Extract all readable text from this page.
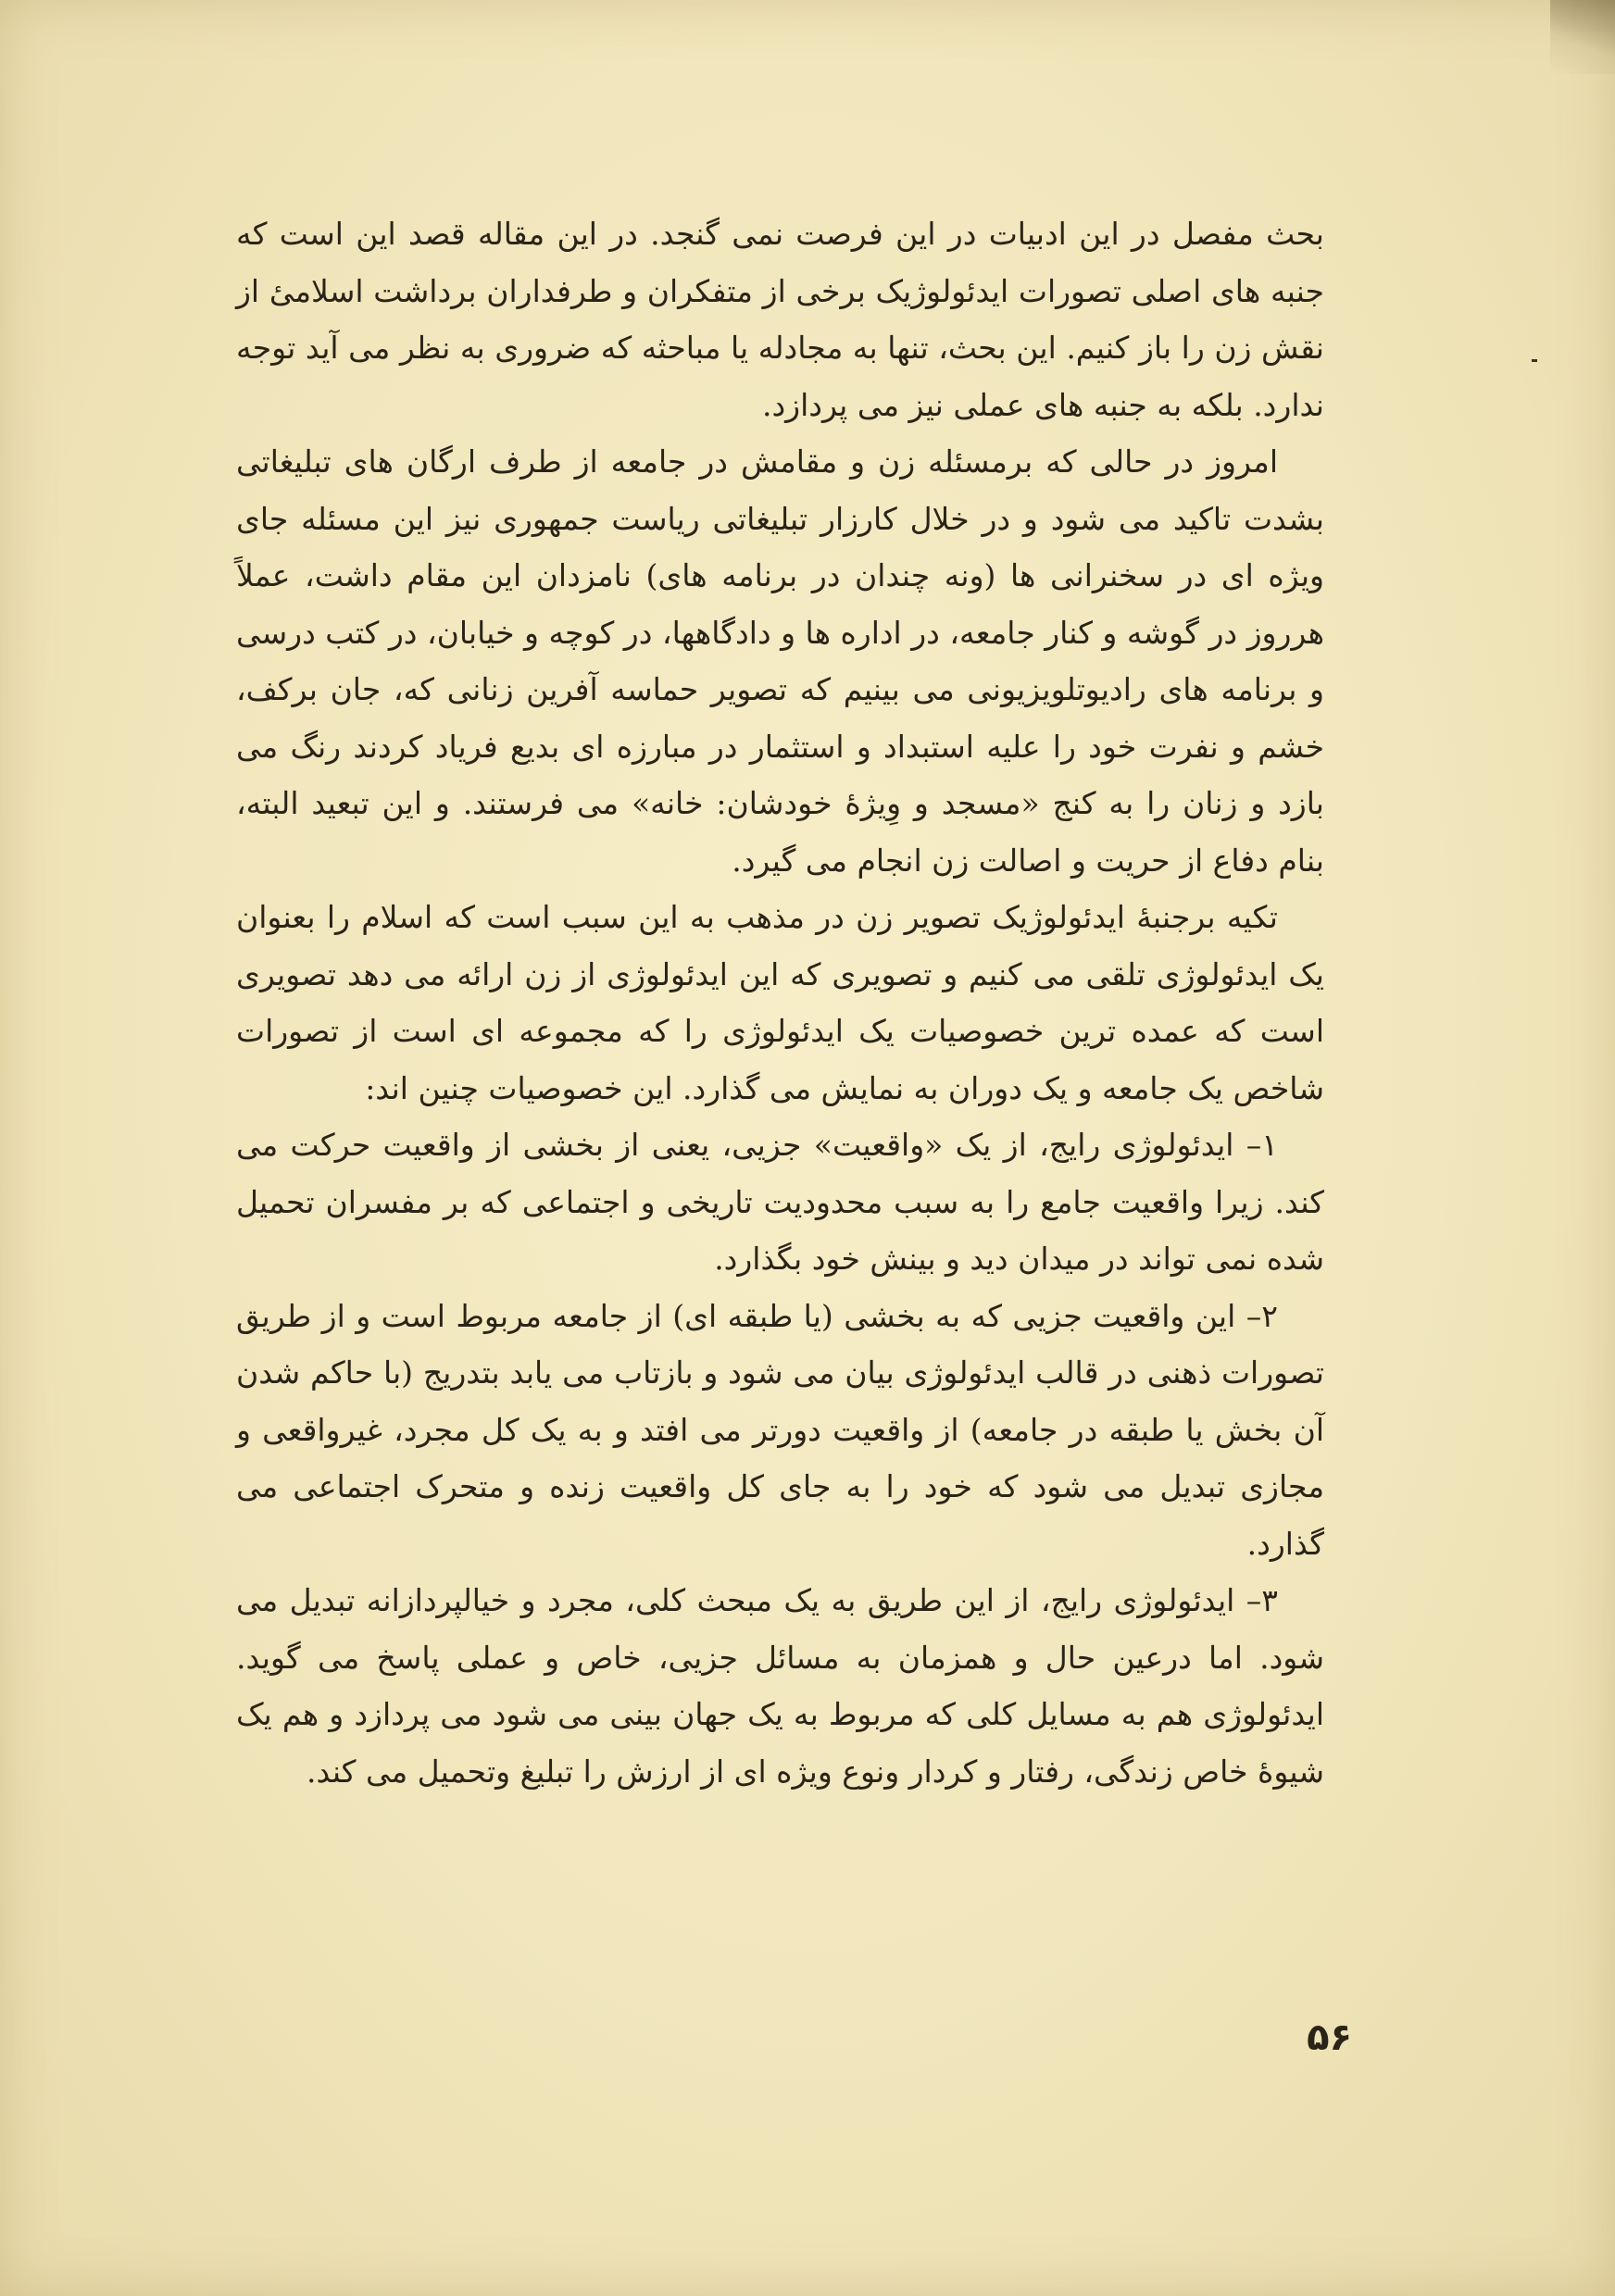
بحث مفصل در این ادبیات در این فرصت نمی گنجد. در این مقاله قصد این است که جنبه های اصلی تصورات ایدئولوژیک برخی از متفکران و طرفداران برداشت اسلامیٔ از نقش زن را باز کنیم. این بحث، تنها به مجادله یا مباحثه که ضروری به نظر می آید توجه ندارد. بلکه به جنبه های عملی نیز می پردازد.

امروز در حالی که برمسئله زن و مقامش در جامعه از طرف ارگان های تبلیغاتی بشدت تاکید می شود و در خلال کارزار تبلیغاتی ریاست جمهوری نیز این مسئله جای ویژه ای در سخنرانی ها (ونه چندان در برنامه های) نامزدان این مقام داشت، عملاً هرروز در گوشه و کنار جامعه، در اداره ها و دادگاهها، در کوچه و خیابان، در کتب درسی و برنامه های رادیوتلویزیونی می بینیم که تصویر حماسه آفرین زنانی که، جان برکف، خشم و نفرت خود را علیه استبداد و استثمار در مبارزه ای بدیع فریاد کردند رنگ می بازد و زنان را به کنج «مسجد و وِیژهٔ خودشان: خانه» می فرستند. و این تبعید البته، بنام دفاع از حریت و اصالت زن انجام می گیرد.

تکیه برجنبهٔ ایدئولوژیک تصویر زن در مذهب به این سبب است که اسلام را بعنوان یک ایدئولوژی تلقی می کنیم و تصویری که این ایدئولوژی از زن ارائه می دهد تصویری است که عمده ترین خصوصیات یک ایدئولوژی را که مجموعه ای است از تصورات شاخص یک جامعه و یک دوران به نمایش می گذارد. این خصوصیات چنین اند:

١– ایدئولوژی رایج، از یک «واقعیت» جزیی، یعنی از بخشی از واقعیت حرکت می کند. زیرا واقعیت جامع را به سبب محدودیت تاریخی و اجتماعی که بر مفسران تحمیل شده نمی تواند در میدان دید و بینش خود بگذارد.

٢– این واقعیت جزیی که به بخشی (یا طبقه ای) از جامعه مربوط است و از طریق تصورات ذهنی در قالب ایدئولوژی بیان می شود و بازتاب می یابد بتدریج (با حاکم شدن آن بخش یا طبقه در جامعه) از واقعیت دورتر می افتد و به یک کل مجرد، غیرواقعی و مجازی تبدیل می شود که خود را به جای کل واقعیت زنده و متحرک اجتماعی می گذارد.

٣– ایدئولوژی رایج، از این طریق به یک مبحث کلی، مجرد و خیالپردازانه تبدیل می شود. اما درعین حال و همزمان به مسائل جزیی، خاص و عملی پاسخ می گوید. ایدئولوژی هم به مسایل کلی که مربوط به یک جهان بینی می شود می پردازد و هم یک شیوهٔ خاص زندگی، رفتار و کردار ونوع ویژه ای از ارزش را تبلیغ وتحمیل می کند.

۵۶
